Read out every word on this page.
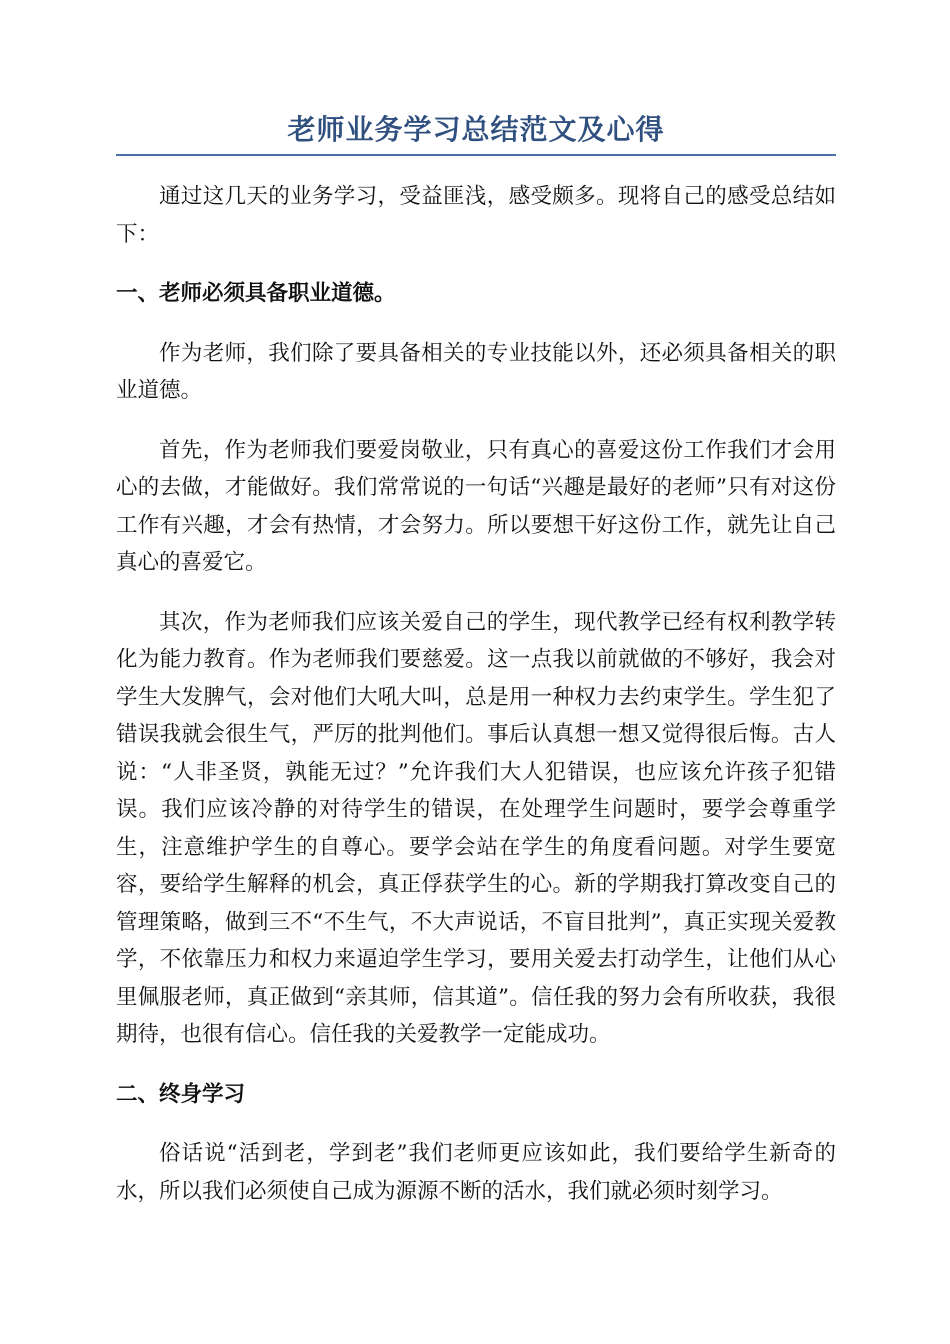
老师业务学习总结范文及心得

通过这几天的业务学习，受益匪浅，感受颇多。现将自己的感受总结如下：

一、老师必须具备职业道德。

作为老师，我们除了要具备相关的专业技能以外，还必须具备相关的职业道德。

首先，作为老师我们要爱岗敬业，只有真心的喜爱这份工作我们才会用心的去做，才能做好。我们常常说的一句话“兴趣是最好的老师”只有对这份工作有兴趣，才会有热情，才会努力。所以要想干好这份工作，就先让自己真心的喜爱它。

其次，作为老师我们应该关爱自己的学生，现代教学已经有权利教学转化为能力教育。作为老师我们要慈爱。这一点我以前就做的不够好，我会对学生大发脾气，会对他们大吼大叫，总是用一种权力去约束学生。学生犯了错误我就会很生气，严厉的批判他们。事后认真想一想又觉得很后悔。古人说：“人非圣贤，孰能无过？”允许我们大人犯错误，也应该允许孩子犯错误。我们应该冷静的对待学生的错误，在处理学生问题时，要学会尊重学生，注意维护学生的自尊心。要学会站在学生的角度看问题。对学生要宽容，要给学生解释的机会，真正俘获学生的心。新的学期我打算改变自己的管理策略，做到三不“不生气，不大声说话，不盲目批判”，真正实现关爱教学，不依靠压力和权力来逼迫学生学习，要用关爱去打动学生，让他们从心里佩服老师，真正做到“亲其师，信其道”。信任我的努力会有所收获，我很期待，也很有信心。信任我的关爱教学一定能成功。

二、终身学习

俗话说“活到老，学到老”我们老师更应该如此，我们要给学生新奇的水，所以我们必须使自己成为源源不断的活水，我们就必须时刻学习。
